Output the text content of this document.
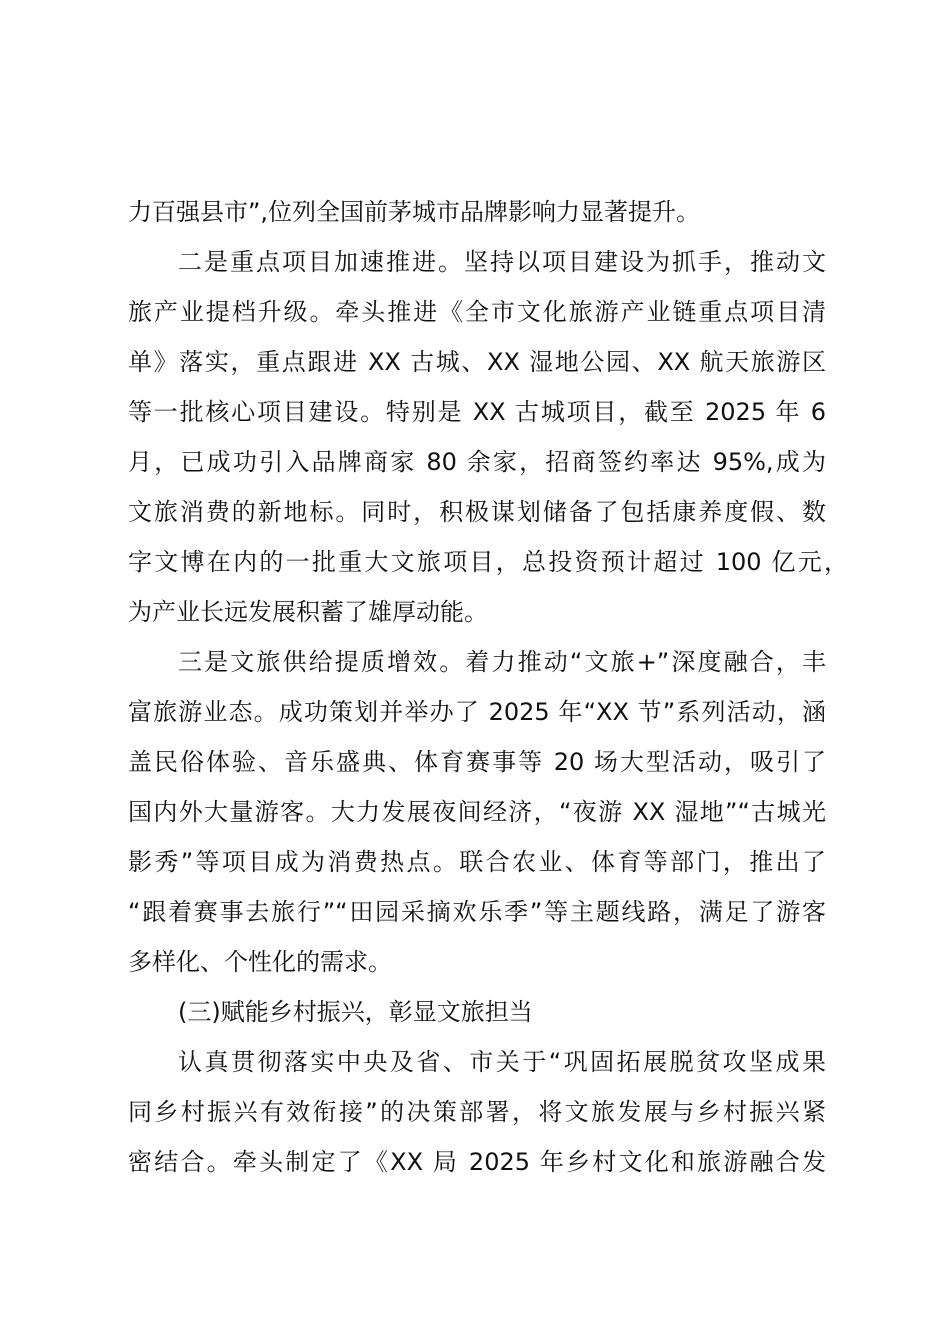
力百强县市”,位列全国前茅城市品牌影响力显著提升。
二是重点项目加速推进。坚持以项目建设为抓手，推动文
旅产业提档升级。牵头推进《全市文化旅游产业链重点项目清
单》落实，重点跟进 XX 古城、XX 湿地公园、XX 航天旅游区
等一批核心项目建设。特别是 XX 古城项目，截至 2025 年 6
月，已成功引入品牌商家 80 余家，招商签约率达 95%,成为
文旅消费的新地标。同时，积极谋划储备了包括康养度假、数
字文博在内的一批重大文旅项目，总投资预计超过 100 亿元，
为产业长远发展积蓄了雄厚动能。
三是文旅供给提质增效。着力推动“文旅+”深度融合，丰
富旅游业态。成功策划并举办了 2025 年“XX 节”系列活动，涵
盖民俗体验、音乐盛典、体育赛事等 20 场大型活动，吸引了
国内外大量游客。大力发展夜间经济，“夜游 XX 湿地”“古城光
影秀”等项目成为消费热点。联合农业、体育等部门，推出了
“跟着赛事去旅行”“田园采摘欢乐季”等主题线路，满足了游客
多样化、个性化的需求。
(三)赋能乡村振兴，彰显文旅担当
认真贯彻落实中央及省、市关于“巩固拓展脱贫攻坚成果
同乡村振兴有效衔接”的决策部署，将文旅发展与乡村振兴紧
密结合。牵头制定了《XX 局 2025 年乡村文化和旅游融合发
